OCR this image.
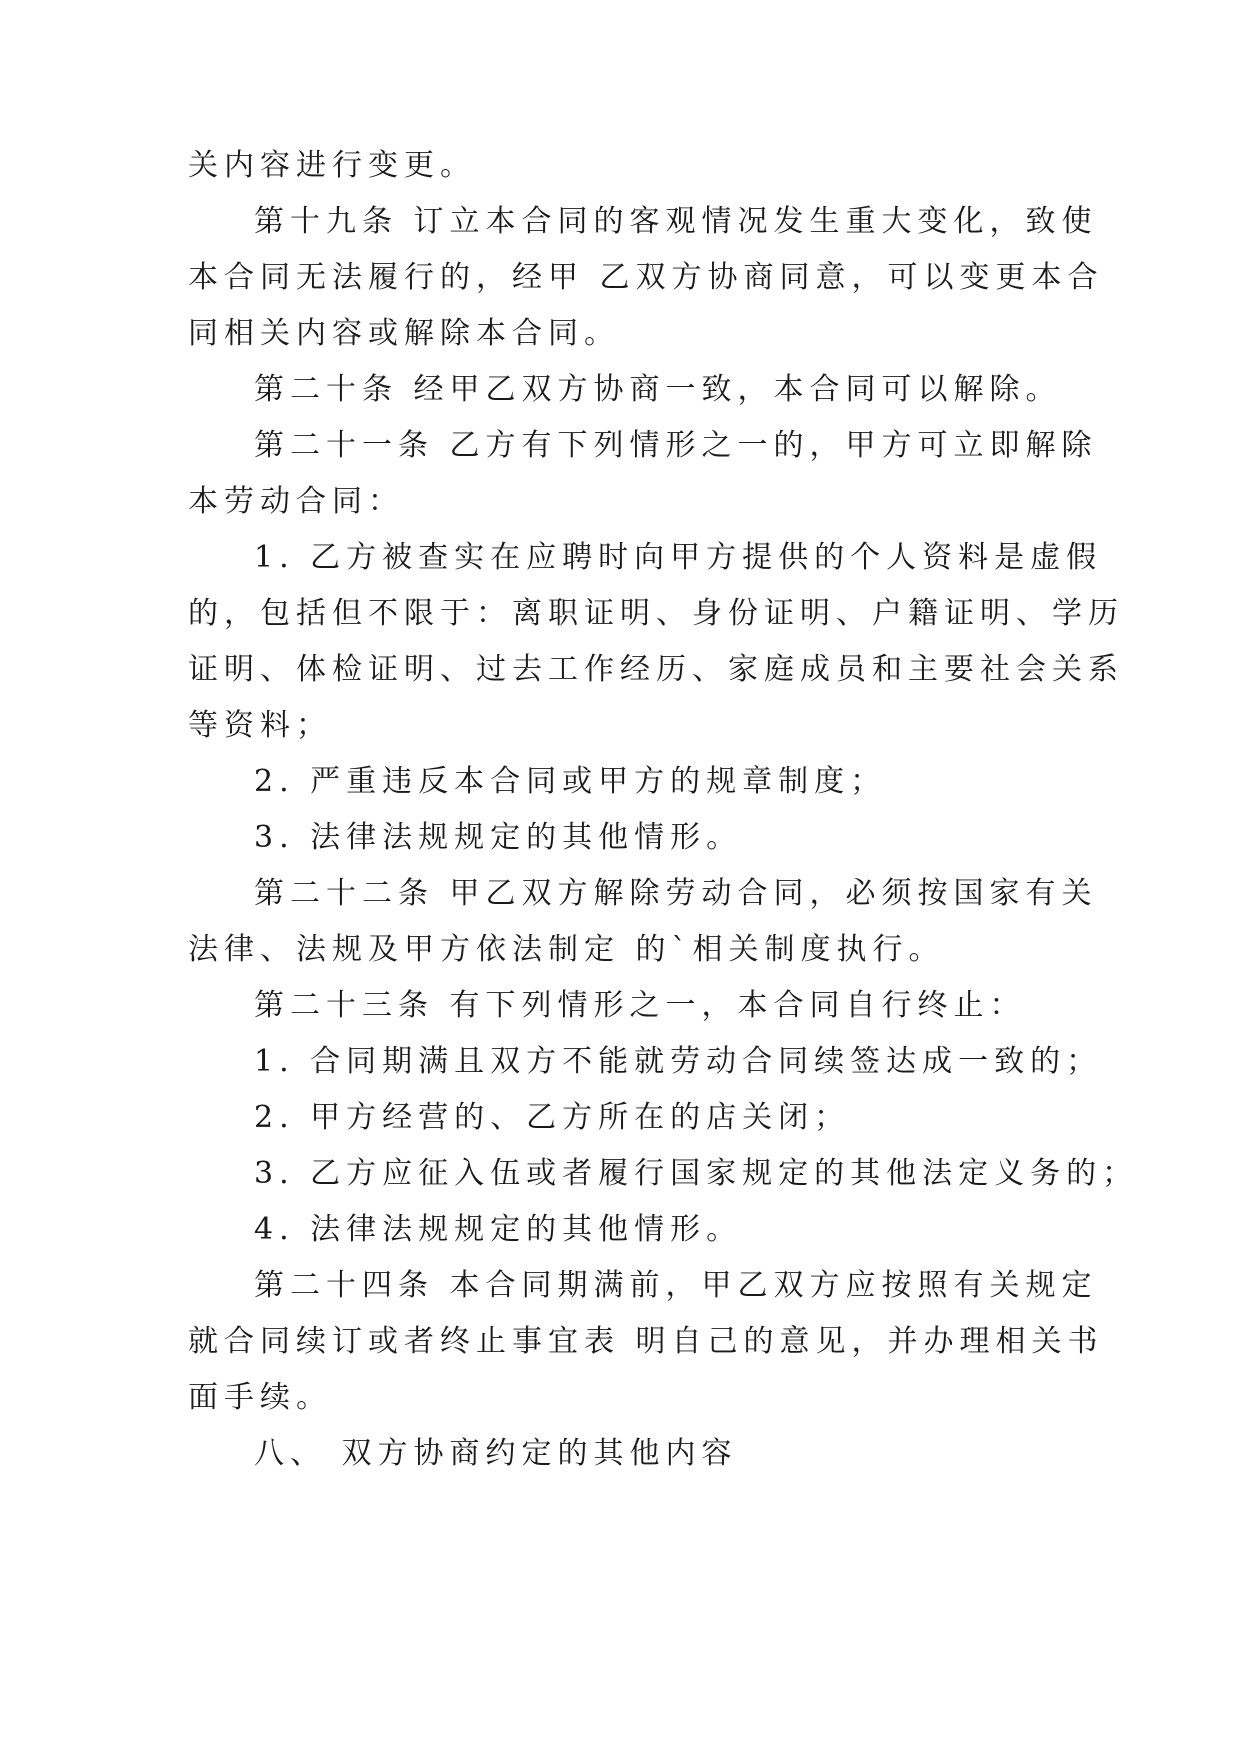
关内容进行变更。

第十九条 订立本合同的客观情况发生重大变化，致使

本合同无法履行的，经甲 乙双方协商同意，可以变更本合

同相关内容或解除本合同。

第二十条 经甲乙双方协商一致，本合同可以解除。

第二十一条 乙方有下列情形之一的，甲方可立即解除

本劳动合同：

1. 乙方被查实在应聘时向甲方提供的个人资料是虚假

的，包括但不限于：离职证明、身份证明、户籍证明、学历

证明、体检证明、过去工作经历、家庭成员和主要社会关系

等资料；

2. 严重违反本合同或甲方的规章制度；

3. 法律法规规定的其他情形。

第二十二条 甲乙双方解除劳动合同，必须按国家有关

法律、法规及甲方依法制定 的`相关制度执行。

第二十三条 有下列情形之一，本合同自行终止：

1. 合同期满且双方不能就劳动合同续签达成一致的；

2. 甲方经营的、乙方所在的店关闭；

3. 乙方应征入伍或者履行国家规定的其他法定义务的；

4. 法律法规规定的其他情形。

第二十四条 本合同期满前，甲乙双方应按照有关规定

就合同续订或者终止事宜表 明自己的意见，并办理相关书

面手续。

八、 双方协商约定的其他内容
